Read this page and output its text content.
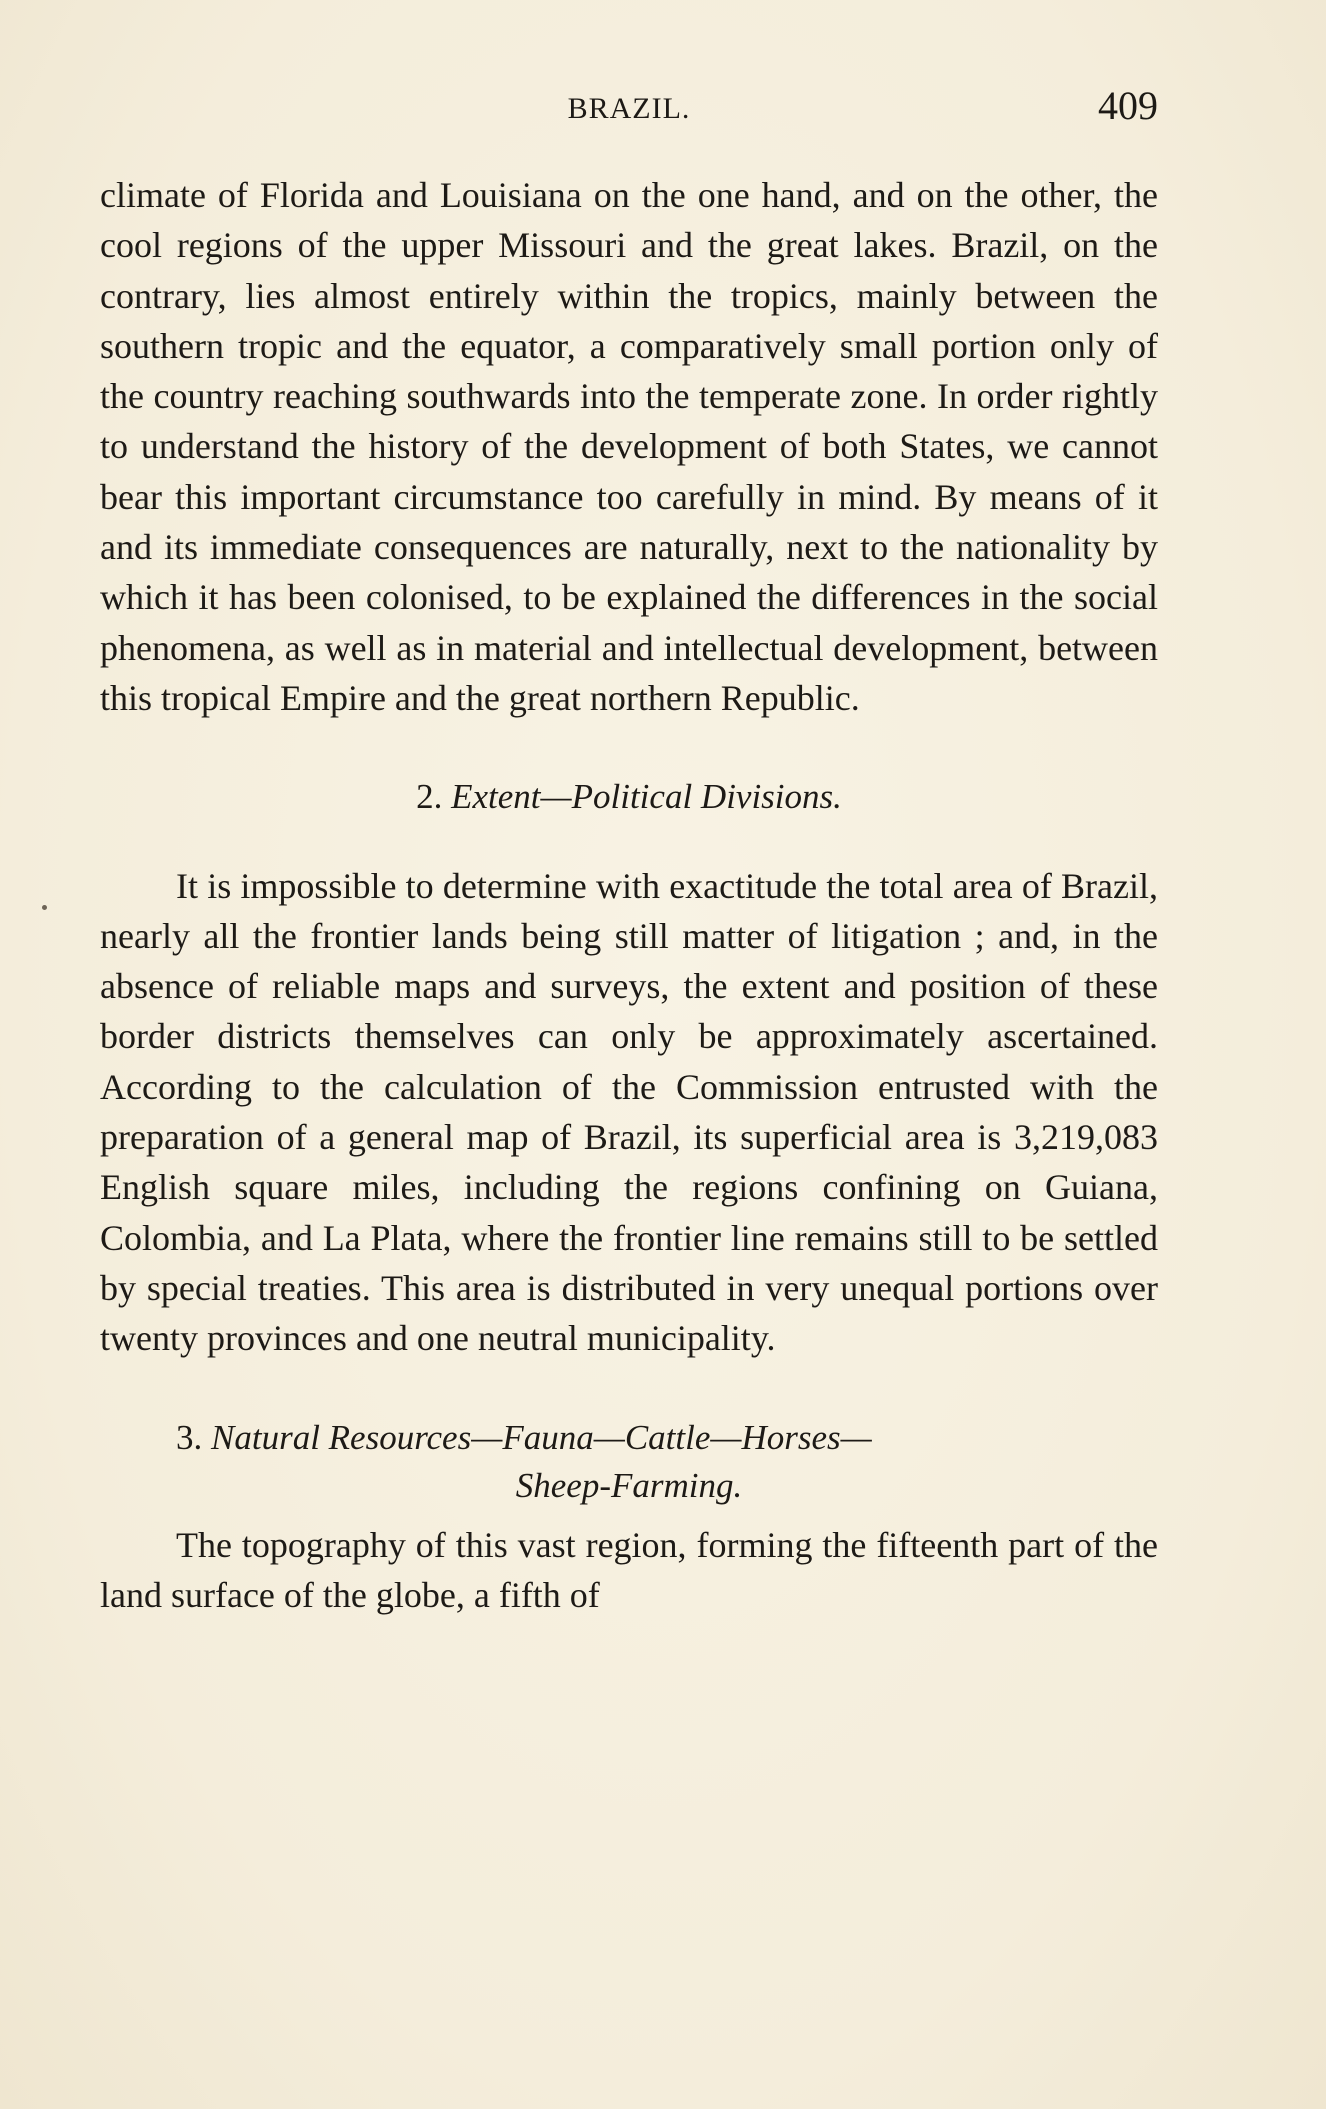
BRAZIL.	409

climate of Florida and Louisiana on the one hand, and on the other, the cool regions of the upper Missouri and the great lakes. Brazil, on the contrary, lies almost entirely within the tropics, mainly between the southern tropic and the equator, a comparatively small portion only of the country reaching southwards into the temperate zone. In order rightly to understand the history of the development of both States, we cannot bear this important circumstance too carefully in mind. By means of it and its immediate consequences are naturally, next to the nationality by which it has been colonised, to be explained the differences in the social phenomena, as well as in material and intellectual development, between this tropical Empire and the great northern Republic.

2. Extent—Political Divisions.

It is impossible to determine with exactitude the total area of Brazil, nearly all the frontier lands being still matter of litigation ; and, in the absence of reliable maps and surveys, the extent and position of these border districts themselves can only be approximately ascertained. According to the calculation of the Commission entrusted with the preparation of a general map of Brazil, its superficial area is 3,219,083 English square miles, including the regions confining on Guiana, Colombia, and La Plata, where the frontier line remains still to be settled by special treaties. This area is distributed in very unequal portions over twenty provinces and one neutral municipality.

3. Natural Resources—Fauna—Cattle—Horses—
Sheep-Farming.

The topography of this vast region, forming the fifteenth part of the land surface of the globe, a fifth of
